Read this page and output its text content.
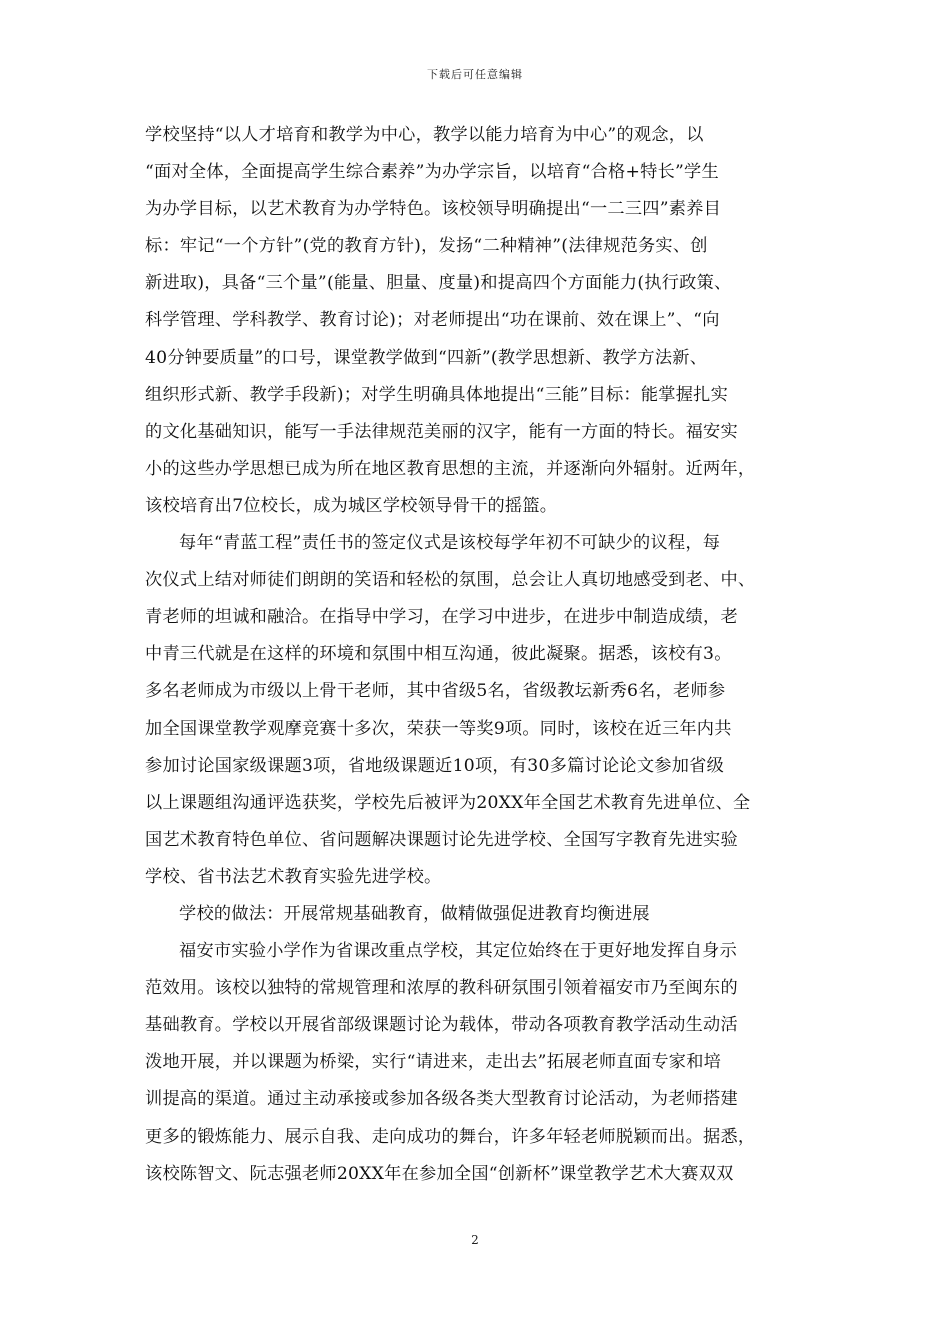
下载后可任意编辑
学校坚持“以人才培育和教学为中心，教学以能力培育为中心”的观念，以
“面对全体，全面提高学生综合素养”为办学宗旨，以培育“合格+特长”学生
为办学目标，以艺术教育为办学特色。该校领导明确提出“一二三四”素养目
标：牢记“一个方针”(党的教育方针)，发扬“二种精神”(法律规范务实、创
新进取)，具备“三个量”(能量、胆量、度量)和提高四个方面能力(执行政策、
科学管理、学科教学、教育讨论)；对老师提出“功在课前、效在课上”、“向
40分钟要质量”的口号，课堂教学做到“四新”(教学思想新、教学方法新、
组织形式新、教学手段新)；对学生明确具体地提出“三能”目标：能掌握扎实
的文化基础知识，能写一手法律规范美丽的汉字，能有一方面的特长。福安实
小的这些办学思想已成为所在地区教育思想的主流，并逐渐向外辐射。近两年，
该校培育出7位校长，成为城区学校领导骨干的摇篮。
每年“青蓝工程”责任书的签定仪式是该校每学年初不可缺少的议程，每
次仪式上结对师徒们朗朗的笑语和轻松的氛围，总会让人真切地感受到老、中、
青老师的坦诚和融洽。在指导中学习，在学习中进步，在进步中制造成绩，老
中青三代就是在这样的环境和氛围中相互沟通，彼此凝聚。据悉，该校有3。
多名老师成为市级以上骨干老师，其中省级5名，省级教坛新秀6名，老师参
加全国课堂教学观摩竞赛十多次，荣获一等奖9项。同时，该校在近三年内共
参加讨论国家级课题3项，省地级课题近10项，有30多篇讨论论文参加省级
以上课题组沟通评选获奖，学校先后被评为20XX年全国艺术教育先进单位、全
国艺术教育特色单位、省问题解决课题讨论先进学校、全国写字教育先进实验
学校、省书法艺术教育实验先进学校。
学校的做法：开展常规基础教育，做精做强促进教育均衡进展
福安市实验小学作为省课改重点学校，其定位始终在于更好地发挥自身示
范效用。该校以独特的常规管理和浓厚的教科研氛围引领着福安市乃至闽东的
基础教育。学校以开展省部级课题讨论为载体，带动各项教育教学活动生动活
泼地开展，并以课题为桥梁，实行“请进来，走出去”拓展老师直面专家和培
训提高的渠道。通过主动承接或参加各级各类大型教育讨论活动，为老师搭建
更多的锻炼能力、展示自我、走向成功的舞台，许多年轻老师脱颖而出。据悉，
该校陈智文、阮志强老师20XX年在参加全国“创新杯”课堂教学艺术大赛双双
2
